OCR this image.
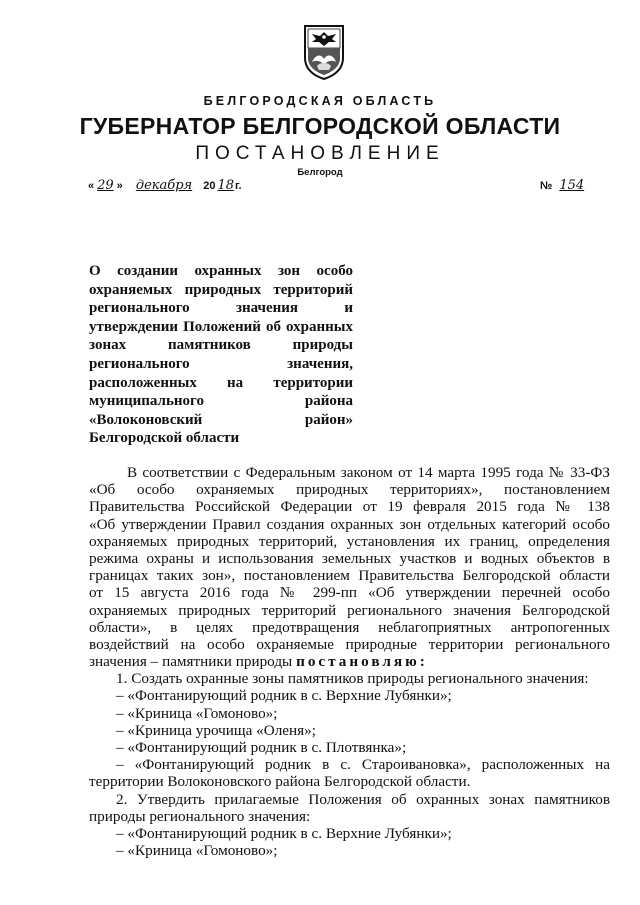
БЕЛГОРОДСКАЯ ОБЛАСТЬ
ГУБЕРНАТОР БЕЛГОРОДСКОЙ ОБЛАСТИ
ПОСТАНОВЛЕНИЕ
Белгород
« 29 » декабря 20 18г.	№ 154
О создании охранных зон особо
охраняемых природных территорий
регионального значения и
утверждении Положений об охранных
зонах памятников природы
регионального значения,
расположенных на территории
муниципального района
«Волоконовский район»
Белгородской области
В соответствии с Федеральным законом от 14 марта 1995 года № 33-ФЗ
«Об особо охраняемых природных территориях», постановлением
Правительства Российской Федерации от 19 февраля 2015 года № 138
«Об утверждении Правил создания охранных зон отдельных категорий особо
охраняемых природных территорий, установления их границ, определения
режима охраны и использования земельных участков и водных объектов в
границах таких зон», постановлением Правительства Белгородской области
от 15 августа 2016 года № 299-пп «Об утверждении перечней особо
охраняемых природных территорий регионального значения Белгородской
области», в целях предотвращения неблагоприятных антропогенных
воздействий на особо охраняемые природные территории регионального
значения – памятники природы постановляю:
1. Создать охранные зоны памятников природы регионального значения:
– «Фонтанирующий родник в с. Верхние Лубянки»;
– «Криница «Гомоново»;
– «Криница урочища «Оленя»;
– «Фонтанирующий родник в с. Плотвянка»;
– «Фонтанирующий родник в с. Староивановка», расположенных на
территории Волоконовского района Белгородской области.
2. Утвердить прилагаемые Положения об охранных зонах памятников
природы регионального значения:
– «Фонтанирующий родник в с. Верхние Лубянки»;
– «Криница «Гомоново»;
